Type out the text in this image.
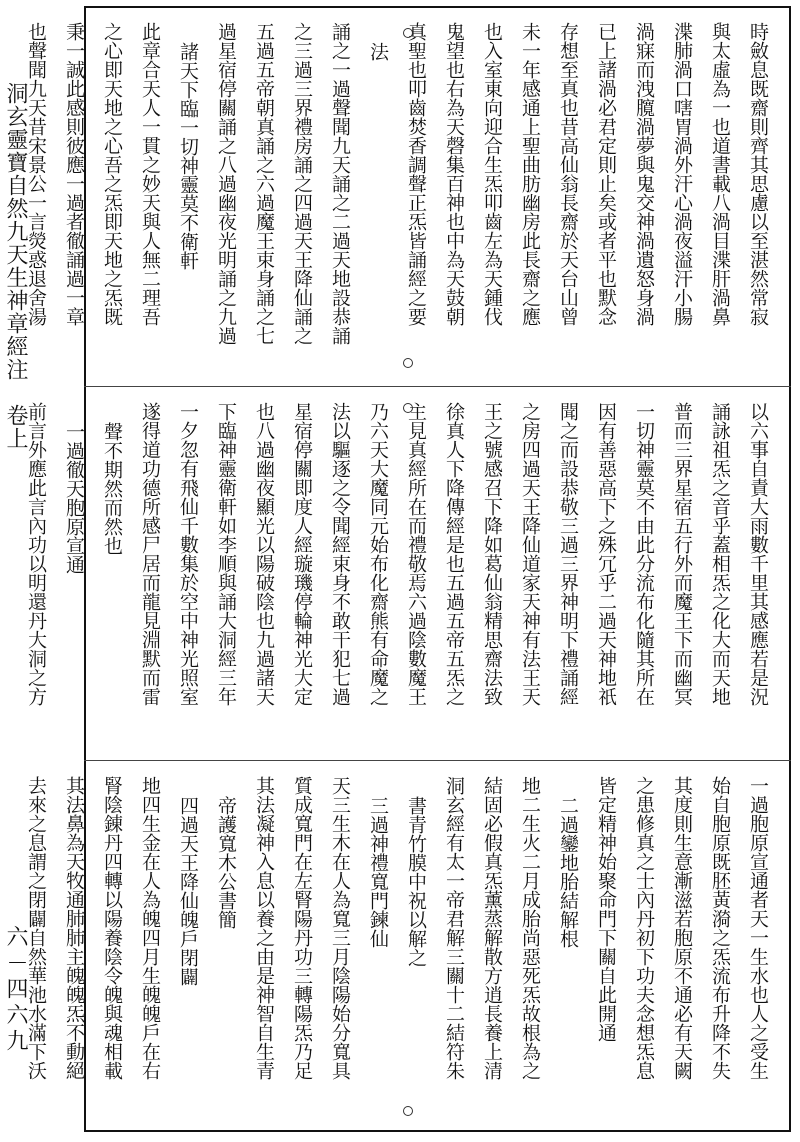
洞玄靈寶自然九天生神章經注　卷上
六－四六九
時斂息既齋則齊其思慮以至湛然常寂
與太虛為一也道書載八渦目渫肝渦鼻
渫肺渦口嗐胃渦外汗心渦夜溢汗小腸
渦寐而洩臗渦夢與鬼交神渦遺怒身渦
已上諸渦必君定則止矣或者平也默念
存想至真也昔高仙翁長齋於天台山曾
未一年感通上聖曲肪幽房此長齋之應
也入室東向迎合生炁叩齒左為天鍾伐
鬼望也右為天磬集百神也中為天鼓朝
真聖也叩齒焚香調聲正炁皆誦經之要
法
誦之一過聲聞九天誦之二過天地設恭誦
之三過三界禮房誦之四過天王降仙誦之
五過五帝朝真誦之六過魔王束身誦之七
過星宿停關誦之八過幽夜光明誦之九過
諸天下臨一切神靈莫不衛軒
此章合天人一貫之妙天與人無二理吾
之心即天地之心吾之炁即天地之炁既
秉一誠此感則彼應一過者徹誦過一章
也聲聞九天昔宋景公一言熒惑退舍湯
以六事自責大雨數千里其感應若是況
誦詠祖炁之音乎蓋相炁之化大而天地
普而三界星宿五行外而魔王下而幽冥
一切神靈莫不由此分流布化隨其所在
因有善惡高下之殊冗乎二過天神地祇
聞之而設恭敬三過三界神明下禮誦經
之房四過天王降仙道家天神有法王天
王之號感召下降如葛仙翁精思齋法致
徐真人下降傳經是也五過五帝五炁之
主見真經所在而禮敬焉六過陰數魔王
乃六天大魔同元始布化齋熊有命魔之
法以驅逐之令聞經束身不敢干犯七過
星宿停關即度人經璇璣停輪神光大定
也八過幽夜顯光以陽破陰也九過諸天
下臨神靈衛軒如李順與誦大洞經三年
一夕忽有飛仙千數集於空中神光照室
遂得道功德所感尸居而龍見淵默而雷
聲不期然而然也
一過徹天胞原宣通
前言外應此言內功以明還丹大洞之方
一過胞原宣通者天一生水也人之受生
始自胞原既胚黃漪之炁流布升降不失
其度則生意漸滋若胞原不通必有天闕
之患修真之士內丹初下功夫念想炁息
皆定精神始聚命門下關自此開通
二過鑾地胎結解根
地二生火二月成胎尚惡死炁故根為之
結固必假真炁薰蒸解散方逍長養上清
洞玄經有太一帝君解三關十二結符朱
書青竹膜中祝以解之
三過神禮寬門鍊仙
天三生木在人為寬三月陰陽始分寬具
質成寬門在左腎陽丹功三轉陽炁乃足
其法凝神入息以養之由是神智自生青
帝護寬木公書簡
四過天王降仙魄戶閉闢
地四生金在人為魄四月生魄魄戶在右
腎陰錬丹四轉以陽養陰令魄與魂相載
其法鼻為天牧通肺肺主魄魄炁不動絕
去來之息謂之閉闢自然華池水滿下沃
